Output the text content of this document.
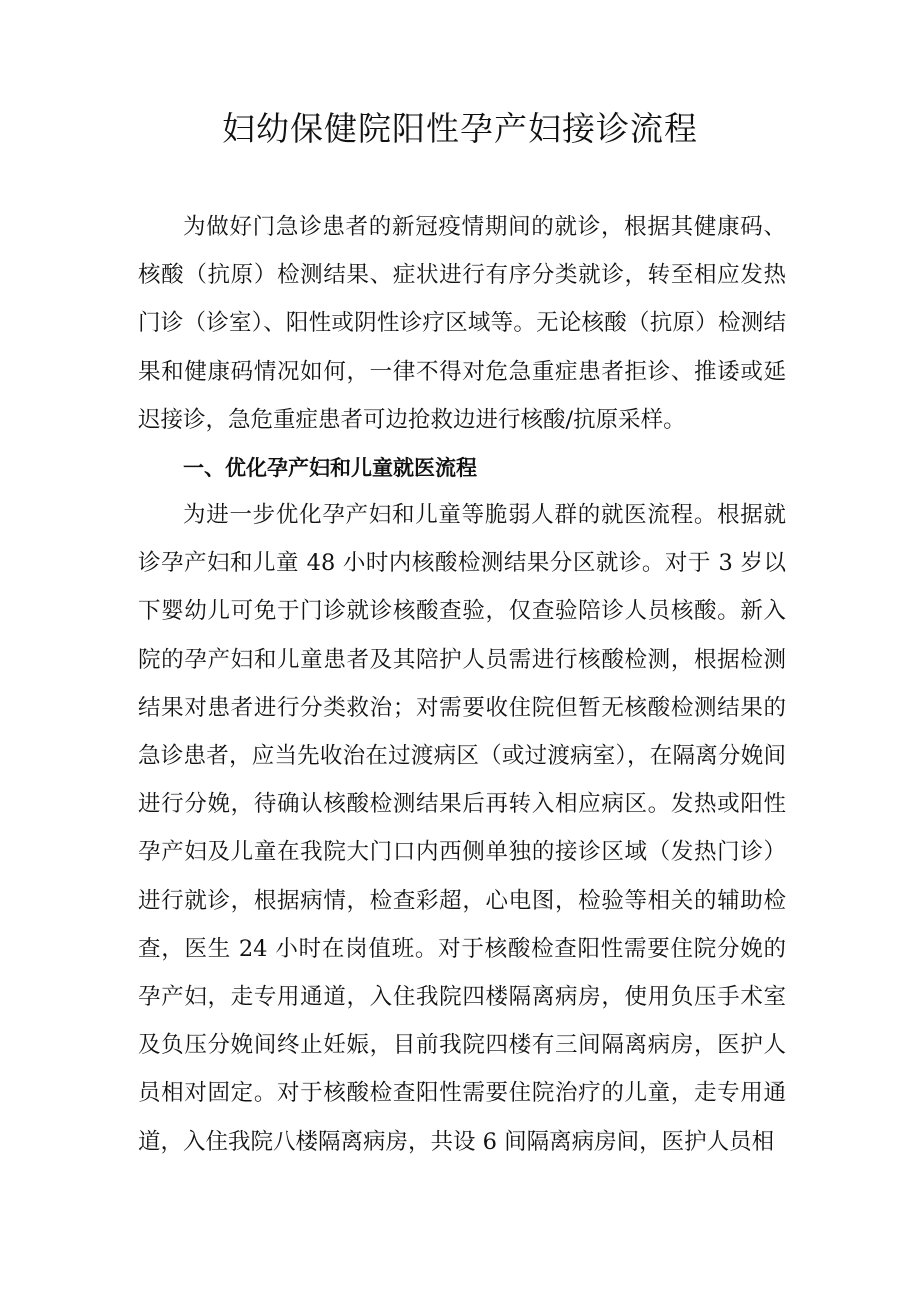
妇幼保健院阳性孕产妇接诊流程

为做好门急诊患者的新冠疫情期间的就诊，根据其健康码、核酸（抗原）检测结果、症状进行有序分类就诊，转至相应发热门诊（诊室）、阳性或阴性诊疗区域等。无论核酸（抗原）检测结果和健康码情况如何，一律不得对危急重症患者拒诊、推诿或延迟接诊，急危重症患者可边抢救边进行核酸/抗原采样。

一、优化孕产妇和儿童就医流程

为进一步优化孕产妇和儿童等脆弱人群的就医流程。根据就诊孕产妇和儿童 48 小时内核酸检测结果分区就诊。对于 3 岁以下婴幼儿可免于门诊就诊核酸查验，仅查验陪诊人员核酸。新入院的孕产妇和儿童患者及其陪护人员需进行核酸检测，根据检测结果对患者进行分类救治；对需要收住院但暂无核酸检测结果的急诊患者，应当先收治在过渡病区（或过渡病室），在隔离分娩间进行分娩，待确认核酸检测结果后再转入相应病区。发热或阳性孕产妇及儿童在我院大门口内西侧单独的接诊区域（发热门诊）进行就诊，根据病情，检查彩超，心电图，检验等相关的辅助检查，医生 24 小时在岗值班。对于核酸检查阳性需要住院分娩的孕产妇，走专用通道，入住我院四楼隔离病房，使用负压手术室及负压分娩间终止妊娠，目前我院四楼有三间隔离病房，医护人员相对固定。对于核酸检查阳性需要住院治疗的儿童，走专用通道，入住我院八楼隔离病房，共设 6 间隔离病房间，医护人员相
